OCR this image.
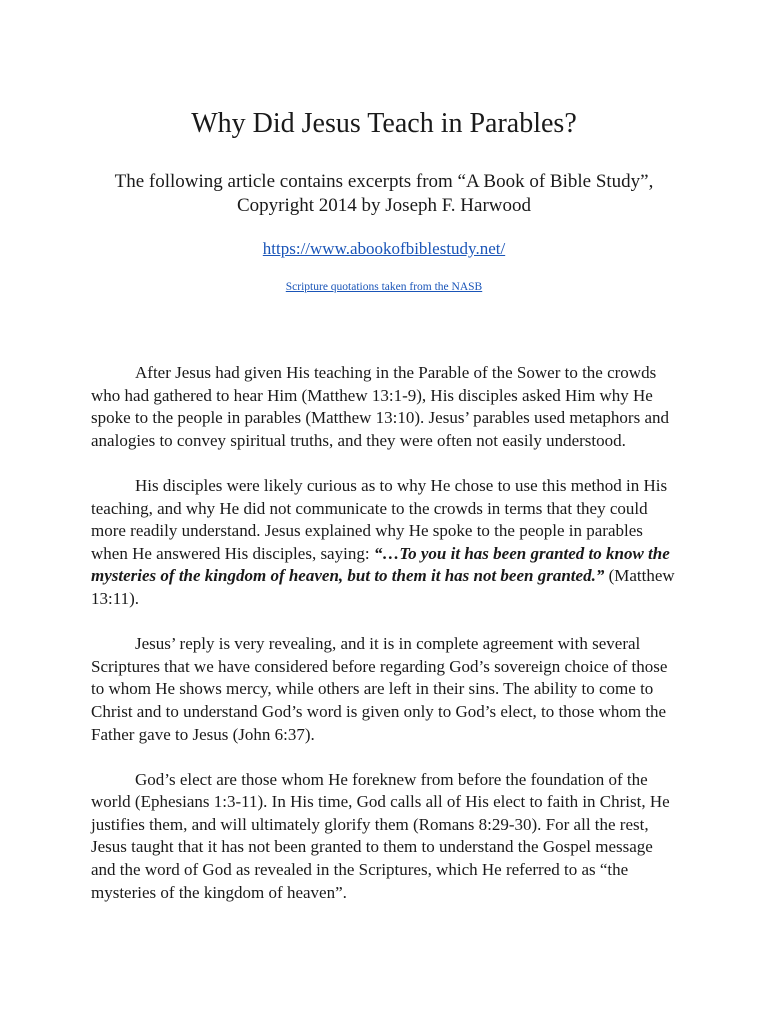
Why Did Jesus Teach in Parables?
The following article contains excerpts from “A Book of Bible Study”,
Copyright 2014 by Joseph F. Harwood
https://www.abookofbiblestudy.net/
Scripture quotations taken from the NASB

After Jesus had given His teaching in the Parable of the Sower to the crowds who had gathered to hear Him (Matthew 13:1-9), His disciples asked Him why He spoke to the people in parables (Matthew 13:10). Jesus’ parables used metaphors and analogies to convey spiritual truths, and they were often not easily understood.

His disciples were likely curious as to why He chose to use this method in His teaching, and why He did not communicate to the crowds in terms that they could more readily understand. Jesus explained why He spoke to the people in parables when He answered His disciples, saying: “…To you it has been granted to know the mysteries of the kingdom of heaven, but to them it has not been granted.” (Matthew 13:11).

Jesus’ reply is very revealing, and it is in complete agreement with several Scriptures that we have considered before regarding God’s sovereign choice of those to whom He shows mercy, while others are left in their sins. The ability to come to Christ and to understand God’s word is given only to God’s elect, to those whom the Father gave to Jesus (John 6:37).

God’s elect are those whom He foreknew from before the foundation of the world (Ephesians 1:3-11). In His time, God calls all of His elect to faith in Christ, He justifies them, and will ultimately glorify them (Romans 8:29-30). For all the rest, Jesus taught that it has not been granted to them to understand the Gospel message and the word of God as revealed in the Scriptures, which He referred to as “the mysteries of the kingdom of heaven”.
